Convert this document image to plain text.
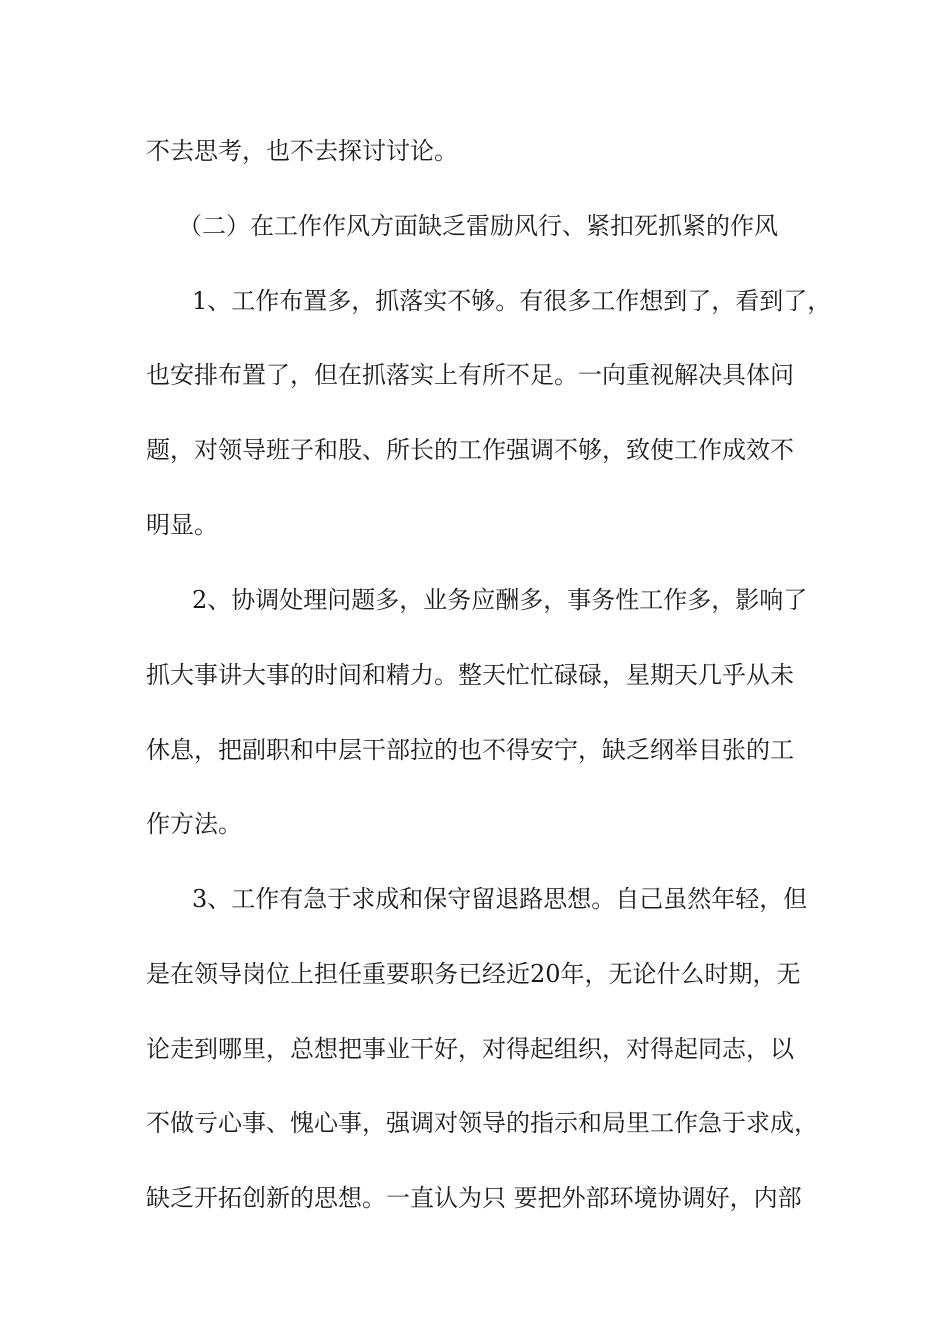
不去思考，也不去探讨讨论。
（二）在工作作风方面缺乏雷励风行、紧扣死抓紧的作风
1、工作布置多，抓落实不够。有很多工作想到了，看到了，
也安排布置了，但在抓落实上有所不足。一向重视解决具体问
题，对领导班子和股、所长的工作强调不够，致使工作成效不
明显。
2、协调处理问题多，业务应酬多，事务性工作多，影响了
抓大事讲大事的时间和精力。整天忙忙碌碌，星期天几乎从未
休息，把副职和中层干部拉的也不得安宁，缺乏纲举目张的工
作方法。
3、工作有急于求成和保守留退路思想。自己虽然年轻，但
是在领导岗位上担任重要职务已经近20年，无论什么时期，无
论走到哪里，总想把事业干好，对得起组织，对得起同志，以
不做亏心事、愧心事，强调对领导的指示和局里工作急于求成，
缺乏开拓创新的思想。一直认为只 要把外部环境协调好，内部
